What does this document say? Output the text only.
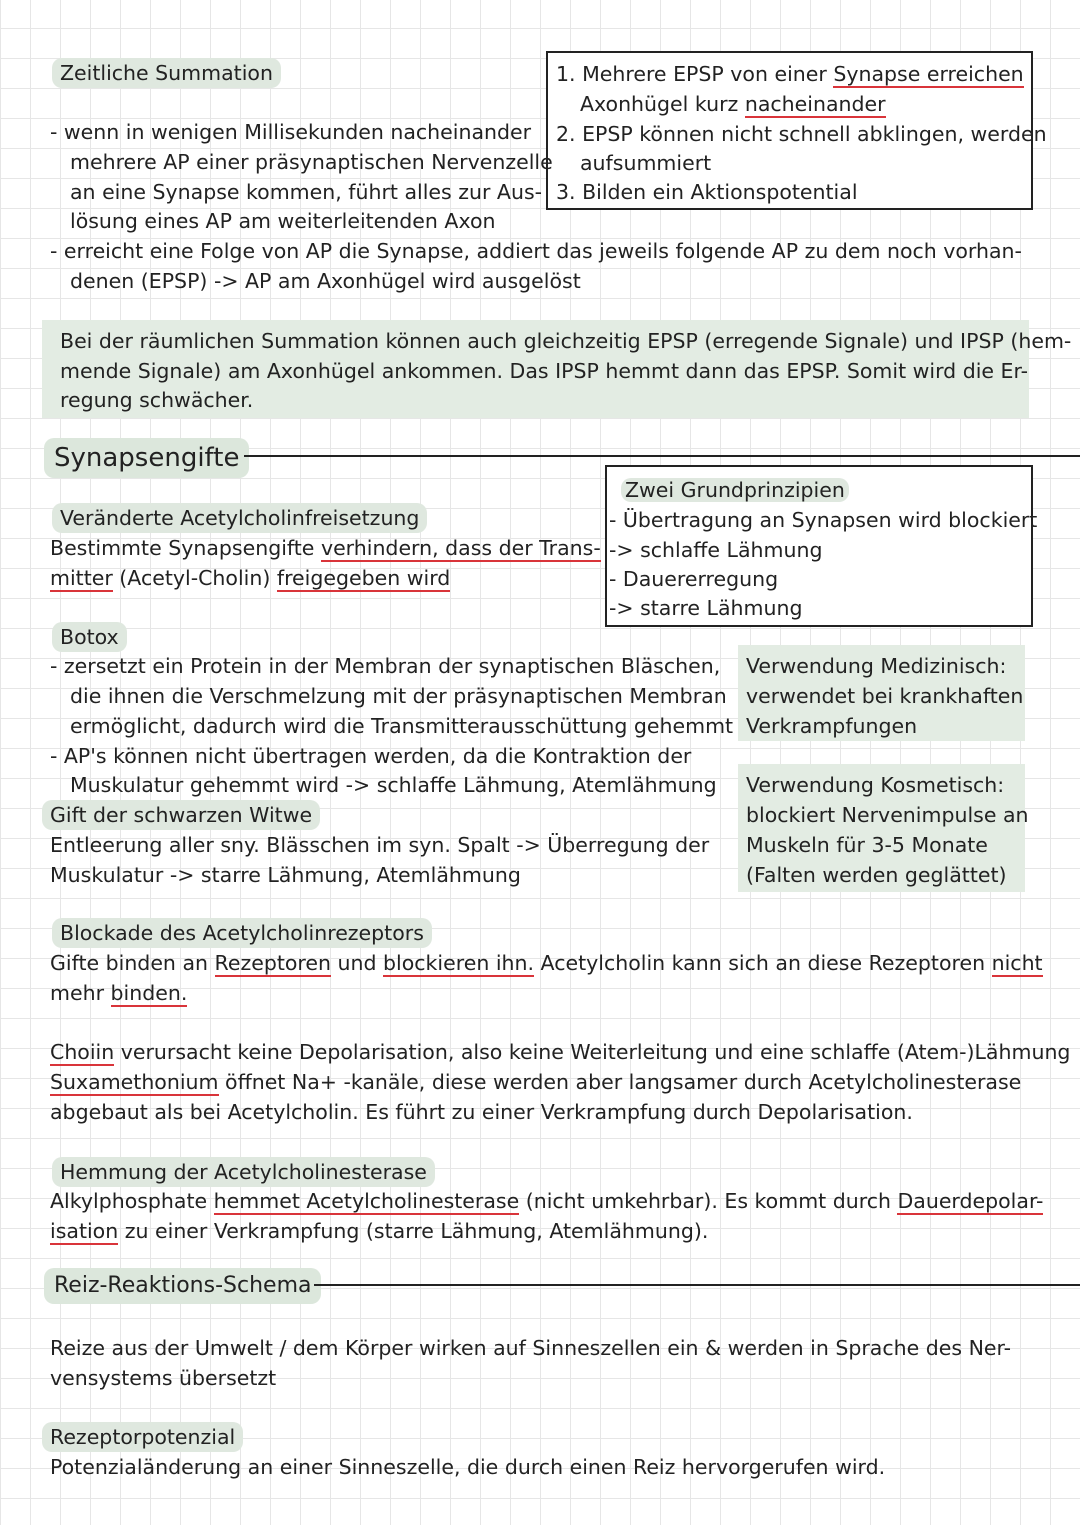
Zeitliche Summation	1. Mehrere EPSP von einer Synapse erreichen
Axonhügel kurz nacheinander
2. EPSP können nicht schnell abklingen, werden
aufsummiert
3. Bilden ein Aktionspotential
- wenn in wenigen Millisekunden nacheinander
mehrere AP einer präsynaptischen Nervenzelle
an eine Synapse kommen, führt alles zur Aus-
lösung eines AP am weiterleitenden Axon
- erreicht eine Folge von AP die Synapse, addiert das jeweils folgende AP zu dem noch vorhan-
denen (EPSP) -> AP am Axonhügel wird ausgelöst
Bei der räumlichen Summation können auch gleichzeitig EPSP (erregende Signale) und IPSP (hem-
mende Signale) am Axonhügel ankommen. Das IPSP hemmt dann das EPSP. Somit wird die Er-
regung schwächer.
Synapsengifte
Zwei Grundprinzipien
- Übertragung an Synapsen wird blockiert
-> schlaffe Lähmung
- Dauererregung
-> starre Lähmung
Veränderte Acetylcholinfreisetzung
Bestimmte Synapsengifte verhindern, dass der Trans-
mitter (Acetyl-Cholin) freigegeben wird
Botox
- zersetzt ein Protein in der Membran der synaptischen Bläschen,
die ihnen die Verschmelzung mit der präsynaptischen Membran
ermöglicht, dadurch wird die Transmitterausschüttung gehemmt
- AP's können nicht übertragen werden, da die Kontraktion der
Muskulatur gehemmt wird -> schlaffe Lähmung, Atemlähmung
Gift der schwarzen Witwe
Entleerung aller sny. Blässchen im syn. Spalt -> Überregung der
Muskulatur -> starre Lähmung, Atemlähmung
Verwendung Medizinisch:
verwendet bei krankhaften
Verkrampfungen
Verwendung Kosmetisch:
blockiert Nervenimpulse an
Muskeln für 3-5 Monate
(Falten werden geglättet)
Blockade des Acetylcholinrezeptors
Gifte binden an Rezeptoren und blockieren ihn. Acetylcholin kann sich an diese Rezeptoren nicht
mehr binden.
Choiin verursacht keine Depolarisation, also keine Weiterleitung und eine schlaffe (Atem-)Lähmung
Suxamethonium öffnet Na+ -kanäle, diese werden aber langsamer durch Acetylcholinesterase
abgebaut als bei Acetylcholin. Es führt zu einer Verkrampfung durch Depolarisation.
Hemmung der Acetylcholinesterase
Alkylphosphate hemmet Acetylcholinesterase (nicht umkehrbar). Es kommt durch Dauerdepolar-
isation zu einer Verkrampfung (starre Lähmung, Atemlähmung).
Reiz-Reaktions-Schema
Reize aus der Umwelt / dem Körper wirken auf Sinneszellen ein & werden in Sprache des Ner-
vensystems übersetzt
Rezeptorpotenzial
Potenzialänderung an einer Sinneszelle, die durch einen Reiz hervorgerufen wird.
